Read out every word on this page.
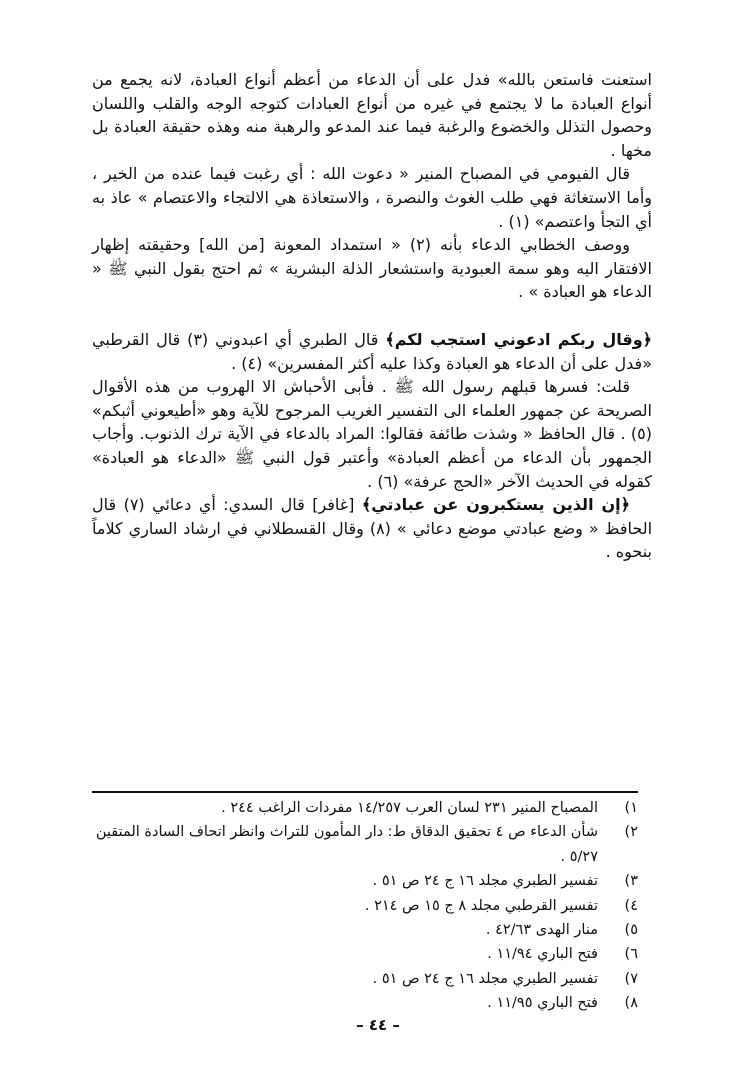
استعنت فاستعن بالله» فدل على أن الدعاء من أعظم أنواع العبادة، لانه يجمع من أنواع العبادة ما لا يجتمع في غيره من أنواع العبادات كتوجه الوجه والقلب واللسان وحصول التذلل والخضوع والرغبة فيما عند المدعو والرهبة منه وهذه حقيقة العبادة بل مخها .

قال الفيومي في المصباح المنير « دعوت الله : أي رغبت فيما عنده من الخير ، وأما الاستغاثة فهي طلب الغوث والنصرة ، والاستعاذة هي الالتجاء والاعتصام » عاذ به أي التجأ واعتصم» (١) .

ووصف الخطابي الدعاء بأنه (٢) « استمداد المعونة [من الله] وحقيقته إظهار الافتقار اليه وهو سمة العبودية واستشعار الذلة البشرية » ثم احتج بقول النبي ﷺ « الدعاء هو العبادة » .

﴿وقال ربكم ادعوني استجب لكم﴾ قال الطبري أي اعبدوني (٣) قال القرطبي «فدل على أن الدعاء هو العبادة وكذا عليه أكثر المفسرين» (٤) .

قلت: فسرها قبلهم رسول الله ﷺ . فأبى الأحباش الا الهروب من هذه الأقوال الصريحة عن جمهور العلماء الى التفسير الغريب المرجوح للآية وهو «أطيعوني أثبكم» (٥) . قال الحافظ « وشذت طائفة فقالوا: المراد بالدعاء في الآية ترك الذنوب. وأجاب الجمهور بأن الدعاء من أعظم العبادة» وأعتبر قول النبي ﷺ «الدعاء هو العبادة» كقوله في الحديث الآخر «الحج عرفة» (٦) .

﴿إن الذين يستكبرون عن عبادتي﴾ [غافر] قال السدي: أي دعائي (٧) قال الحافظ « وضع عبادتي موضع دعائي » (٨) وقال القسطلاني في ارشاد الساري كلاماً بنحوه .

١)
المصباح المنير ٢٣١ لسان العرب ١٤/٢٥٧ مفردات الراغب ٢٤٤ .
٢)
شأن الدعاء ص ٤ تحقيق الدقاق ط: دار المأمون للتراث وانظر اتحاف السادة المتقين ٥/٢٧ .
٣)
تفسير الطبري مجلد ١٦ ج ٢٤ ص ٥١ .
٤)
تفسير القرطبي مجلد ٨ ج ١٥ ص ٢١٤ .
٥)
منار الهدى ٤٢/٦٣ .
٦)
فتح الباري ١١/٩٤ .
٧)
تفسير الطبري مجلد ١٦ ج ٢٤ ص ٥١ .
٨)
فتح الباري ١١/٩٥ .
– ٤٤ –
